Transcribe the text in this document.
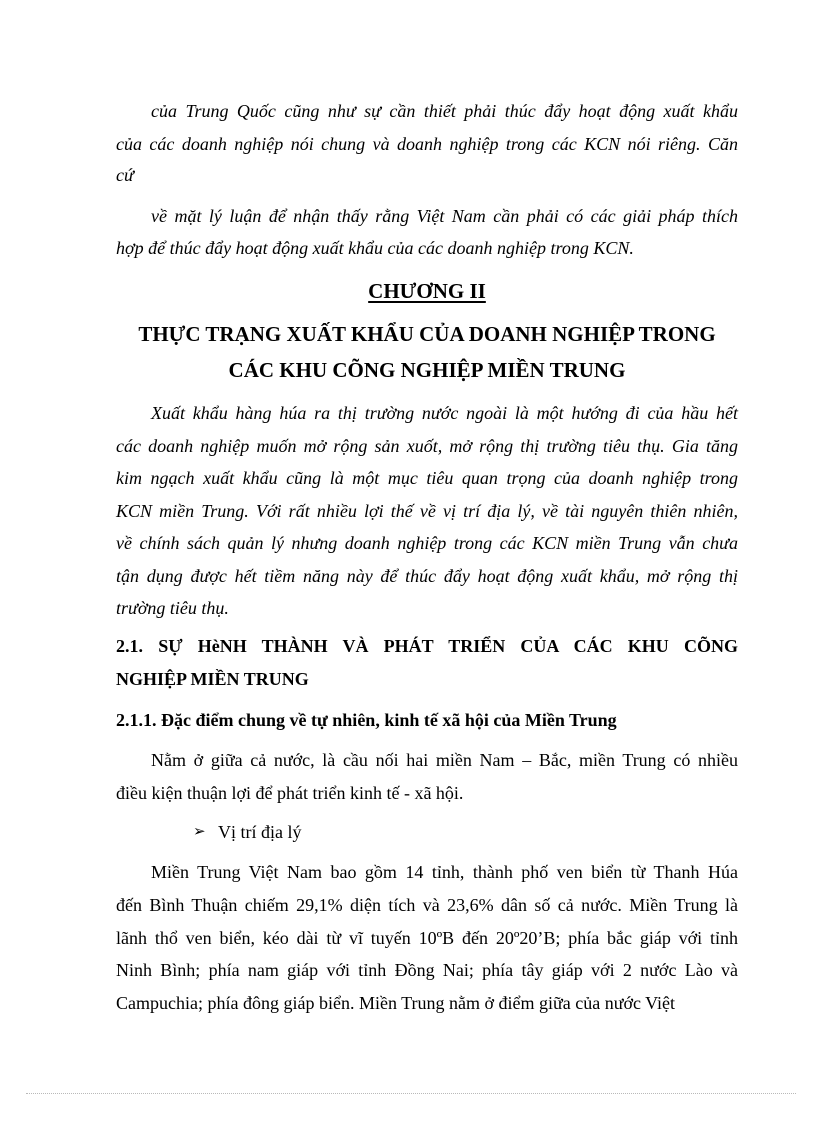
của Trung Quốc cũng như sự cần thiết phải thúc đẩy hoạt động xuất khẩu
của các doanh nghiệp nói chung và doanh nghiệp trong các KCN nói riêng. Căn
cứ
về mặt lý luận để nhận thấy rằng Việt Nam cần phải có các giải pháp thích
hợp để thúc đẩy hoạt động xuất khẩu của các doanh nghiệp trong KCN.
CHƯƠNG II
THỰC TRẠNG XUẤT KHẨU CỦA DOANH NGHIỆP TRONG
CÁC KHU CÕNG NGHIỆP MIỀN TRUNG
Xuất khẩu hàng húa ra thị trường nước ngoài là một hướng đi của hầu hết
các doanh nghiệp muốn mở rộng sản xuốt, mở rộng thị trường tiêu thụ. Gia tăng
kim ngạch xuất khẩu cũng là một mục tiêu quan trọng của doanh nghiệp trong
KCN miền Trung. Với rất nhiều lợi thế về vị trí địa lý, về tài nguyên thiên nhiên,
về chính sách quản lý nhưng doanh nghiệp trong các KCN miền Trung vẫn chưa
tận dụng được hết tiềm năng này để thúc đẩy hoạt động xuất khẩu, mở rộng thị
trường tiêu thụ.
2.1. SỰ HèNH THÀNH VÀ PHÁT TRIỂN CỦA CÁC KHU CÕNG
NGHIỆP MIỀN TRUNG
2.1.1. Đặc điểm chung về tự nhiên, kinh tế xã hội của Miền Trung
Nằm ở giữa cả nước, là cầu nối hai miền Nam – Bắc, miền Trung có nhiều
điều kiện thuận lợi để phát triển kinh tế - xã hội.
➢ Vị trí địa lý
Miền Trung Việt Nam bao gồm 14 tỉnh, thành phố ven biển từ Thanh Húa
đến Bình Thuận chiếm 29,1% diện tích và 23,6% dân số cả nước. Miền Trung là
lãnh thổ ven biển, kéo dài từ vĩ tuyến 10ºB đến 20º20’B; phía bắc giáp với tỉnh
Ninh Bình; phía nam giáp với tỉnh Đồng Nai; phía tây giáp với 2 nước Lào và
Campuchia; phía đông giáp biển. Miền Trung nằm ở điểm giữa của nước Việt
